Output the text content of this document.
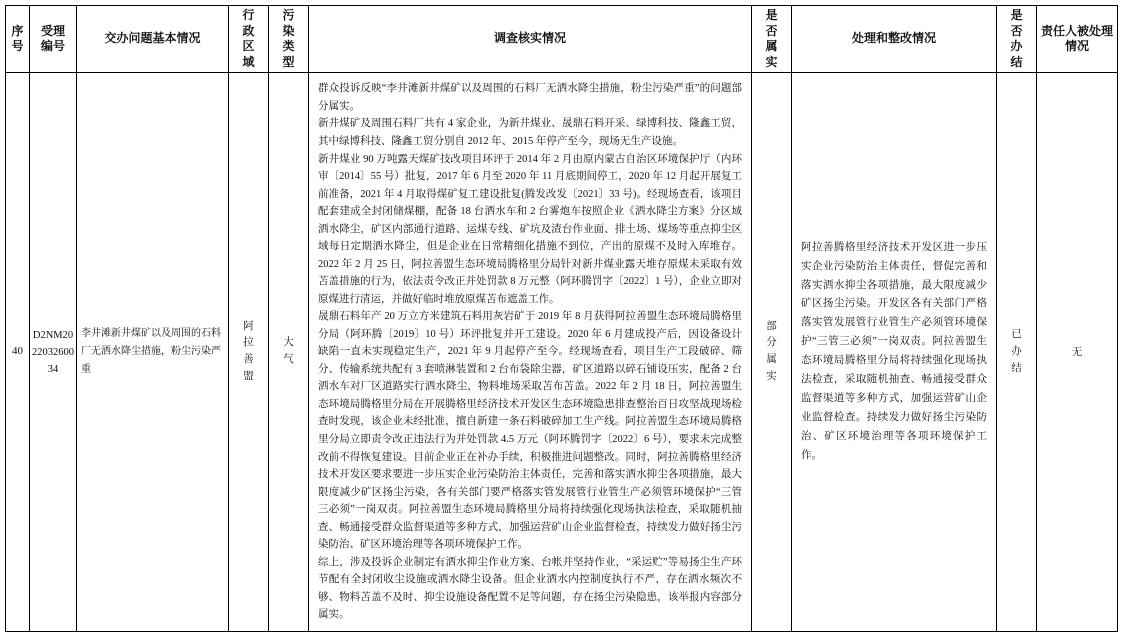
序号	受理编号	交办问题基本情况	行政区域	污染类型	调查核实情况	是否属实	处理和整改情况	是否办结	责任人被处理情况
40	D2NM202203260034	李井滩新井煤矿以及周围的石料厂无洒水降尘措施，粉尘污染严重	阿拉善盟	大气	群众投诉反映“李井滩新井煤矿以及周围的石料厂无洒水降尘措施，粉尘污染严重”的问题部分属实。

新井煤矿及周围石料厂共有 4 家企业，为新井煤业、晟鼎石料开采、绿博科技、隆鑫工贸，其中绿博科技、隆鑫工贸分别自 2012 年、2015 年停产至今，现场无生产设施。

新井煤业 90 万吨露天煤矿技改项目环评于 2014 年 2 月由原内蒙古自治区环境保护厅（内环审〔2014〕55 号）批复，2017 年 6 月至 2020 年 11 月底期间停工，2020 年 12 月起开展复工前准备，2021 年 4 月取得煤矿复工建设批复(腾发改发〔2021〕33 号)。经现场查看，该项目配套建成全封闭储煤棚，配备 18 台洒水车和 2 台雾炮车按照企业《洒水降尘方案》分区域洒水降尘，矿区内部通行道路、运煤专线、矿坑及渣台作业面、排土场、煤场等重点抑尘区域每日定期洒水降尘，但是企业在日常精细化措施不到位，产出的原煤不及时入库堆存。 2022 年 2 月 25 日，阿拉善盟生态环境局腾格里分局针对新井煤业露天堆存原煤未采取有效苫盖措施的行为，依法责令改正并处罚款 8 万元整（阿环腾罚字〔2022〕1 号），企业立即对原煤进行清运，并做好临时堆放原煤苫布遮盖工作。

晟鼎石料年产 20 万立方米建筑石料用灰岩矿于 2019 年 8 月获得阿拉善盟生态环境局腾格里分局（阿环腾〔2019〕10 号）环评批复并开工建设。2020 年 6 月建成投产后，因设备设计缺陷一直未实现稳定生产，2021 年 9 月起停产至今。经现场查看，项目生产工段破碎、筛分、传输系统共配有 3 套喷淋装置和 2 台布袋除尘器，矿区道路以碎石铺设压实，配备 2 台洒水车对厂区道路实行洒水降尘，物料堆场采取苫布苫盖。2022 年 2 月 18 日，阿拉善盟生态环境局腾格里分局在开展腾格里经济技术开发区生态环境隐患排查整治百日攻坚战现场检查时发现，该企业未经批准，擅自新建一条石料破碎加工生产线。阿拉善盟生态环境局腾格里分局立即责令改正违法行为并处罚款 4.5 万元（阿环腾罚字〔2022〕6 号），要求未完成整改前不得恢复建设。目前企业正在补办手续，积极推进问题整改。同时，阿拉善腾格里经济技术开发区要求要进一步压实企业污染防治主体责任，完善和落实洒水抑尘各项措施，最大限度减少矿区扬尘污染，各有关部门要严格落实管发展管行业管生产必须管环境保护“三管三必须”一岗双责。阿拉善盟生态环境局腾格里分局将持续强化现场执法检查，采取随机抽查、畅通接受群众监督渠道等多种方式，加强运营矿山企业监督检查，持续发力做好扬尘污染防治、矿区环境治理等各项环境保护工作。

综上，涉及投诉企业制定有洒水抑尘作业方案、台帐并坚持作业，“采运贮”等易扬尘生产环节配有全封闭收尘设施或洒水降尘设备。但企业洒水内控制度执行不严，存在洒水频次不够、物料苫盖不及时、抑尘设施设备配置不足等问题，存在扬尘污染隐患，该举报内容部分属实。	部分属实	阿拉善腾格里经济技术开发区进一步压实企业污染防治主体责任，督促完善和落实洒水抑尘各项措施，最大限度减少矿区扬尘污染。开发区各有关部门严格落实管发展管行业管生产必须管环境保护“三管三必须”一岗双责。阿拉善盟生态环境局腾格里分局将持续强化现场执法检查，采取随机抽查、畅通接受群众监督渠道等多种方式，加强运营矿山企业监督检查。持续发力做好扬尘污染防治、矿区环境治理等各项环境保护工作。	已办结	无
